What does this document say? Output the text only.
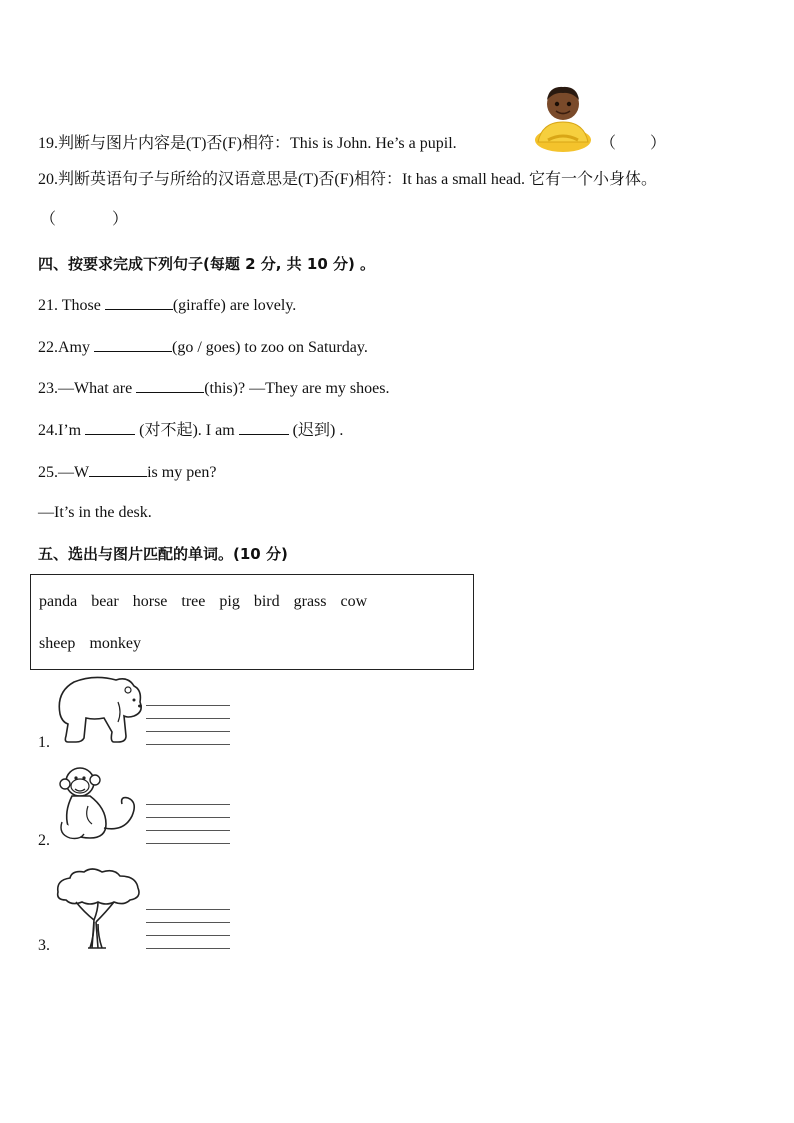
19.判断与图片内容是(T)否(F)相符：This is John. He’s a pupil.	（ ）
20.判断英语句子与所给的汉语意思是(T)否(F)相符：It has a small head. 它有一个小身体。
（	）
四、按要求完成下列句子(每题 2 分, 共 10 分) 。
21. Those	(giraffe) are lovely.
22.Amy	(go / goes) to zoo on Saturday.
23.—What are	(this)? —They are my shoes.
24.I’m	(对不起). I am	(迟到) .
25.—W	is my pen?
—It’s in the desk.
五、选出与图片匹配的单词。(10 分)
panda bear horse tree pig bird grass cow
sheep monkey
1.
2.
3.
